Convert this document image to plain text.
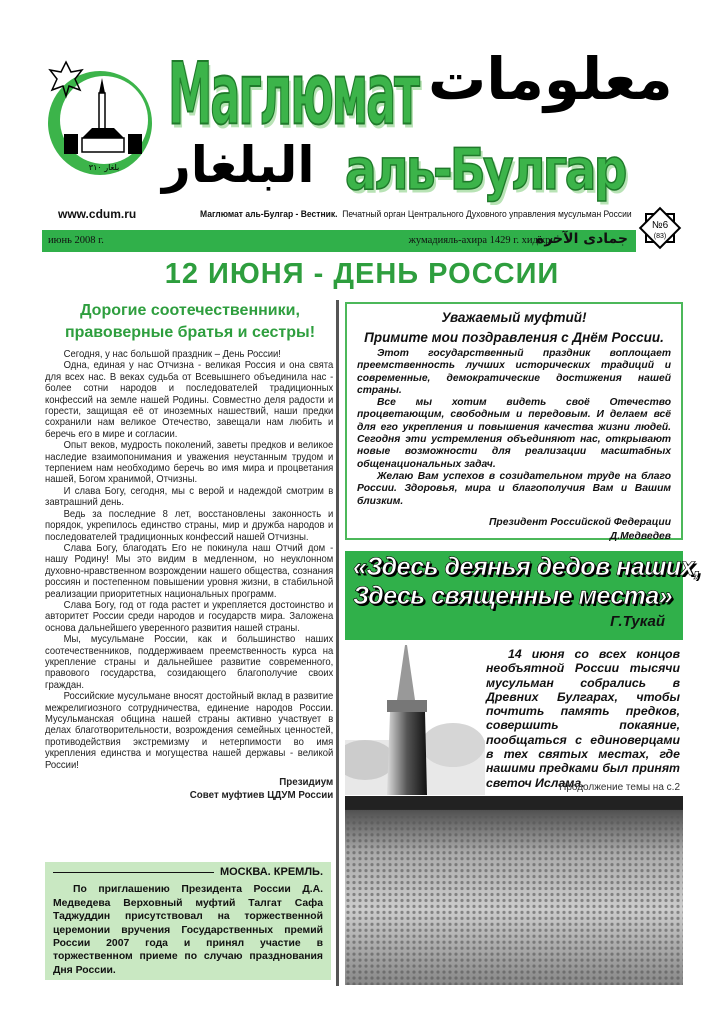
بلغار ٣١٠
Маглюмат معلومات
البلغار аль-Булгар
www.cdum.ru	Маглюмат аль-Булгар - Вестник. Печатный орган Центрального Духовного управления мусульман России
июнь 2008 г.	жумадияль-ахира 1429 г. хиджри
جمادى الآخرة
№6
(83)
12 ИЮНЯ - ДЕНЬ РОССИИ
Дорогие соотечественники,
правоверные братья и сестры!

Сегодня, у нас большой праздник – День России!

Одна, единая у нас Отчизна - великая Россия и она свята для всех нас. В веках судьба от Всевышнего объединила нас - более сотни народов и последователей традиционных конфессий на земле нашей Родины. Совместно деля радости и горести, защищая её от иноземных нашествий, наши предки сохранили нам великое Отечество, завещали нам любить и беречь его в мире и согласии.

Опыт веков, мудрость поколений, заветы предков и великое наследие взаимопонимания и уважения неустанным трудом и терпением нам необходимо беречь во имя мира и процветания нашей, Богом хранимой, Отчизны.

И слава Богу, сегодня, мы с верой и надеждой смотрим в завтрашний день.

Ведь за последние 8 лет, восстановлены законность и порядок, укрепилось единство страны, мир и дружба народов и последователей традиционных конфессий нашей Отчизны.

Слава Богу, благодать Его не покинула наш Отчий дом - нашу Родину! Мы это видим в медленном, но неуклонном духовно-нравственном возрождении нашего общества, сознания россиян и постепенном повышении уровня жизни, в стабильной реализации приоритетных национальных программ.

Слава Богу, год от года растет и укрепляется достоинство и авторитет России среди народов и государств мира. Заложена основа дальнейшего уверенного развития нашей страны.

Мы, мусульмане России, как и большинство наших соотечественников, поддерживаем преемственность курса на укрепление страны и дальнейшее развитие современного, правового государства, созидающего благополучие своих граждан.

Российские мусульмане вносят достойный вклад в развитие межрелигиозного сотрудничества, единение народов России. Мусульманская община нашей страны активно участвует в делах благотворительности, возрождения семейных ценностей, противодействия экстремизму и нетерпимости во имя укрепления единства и могущества нашей державы - великой России!

Президиум
Совет муфтиев ЦДУМ России
Уважаемый муфтий!
Примите мои поздравления с Днём России.

Этот государственный праздник воплощает преемственность лучших исторических традиций и современные, демократические достижения нашей страны.

Все мы хотим видеть своё Отечество процветающим, свободным и передовым. И делаем всё для его укрепления и повышения качества жизни людей. Сегодня эти устремления объединяют нас, открывают новые возможности для реализации масштабных общенациональных задач.

Желаю Вам успехов в созидательном труде на благо России. Здоровья, мира и благополучия Вам и Вашим близким.

Президент Российской Федерации
Д.Медведев
«Здесь деянья дедов наших,
Здесь священные места»
Г.Тукай

14 июня со всех концов необъятной России тысячи мусульман собрались в Древних Булгарах, чтобы почтить память предков, совершить покаяние, пообщаться с единоверцами в тех святых местах, где нашими предками был принят светоч Ислама.

Продолжение темы на с.2
МОСКВА. КРЕМЛЬ.

По приглашению Президента России Д.А. Медведева Верховный муфтий Талгат Сафа Таджуддин присутствовал на торжественной церемонии вручения Государственных премий России 2007 года и принял участие в торжественном приеме по случаю празднования Дня России.
